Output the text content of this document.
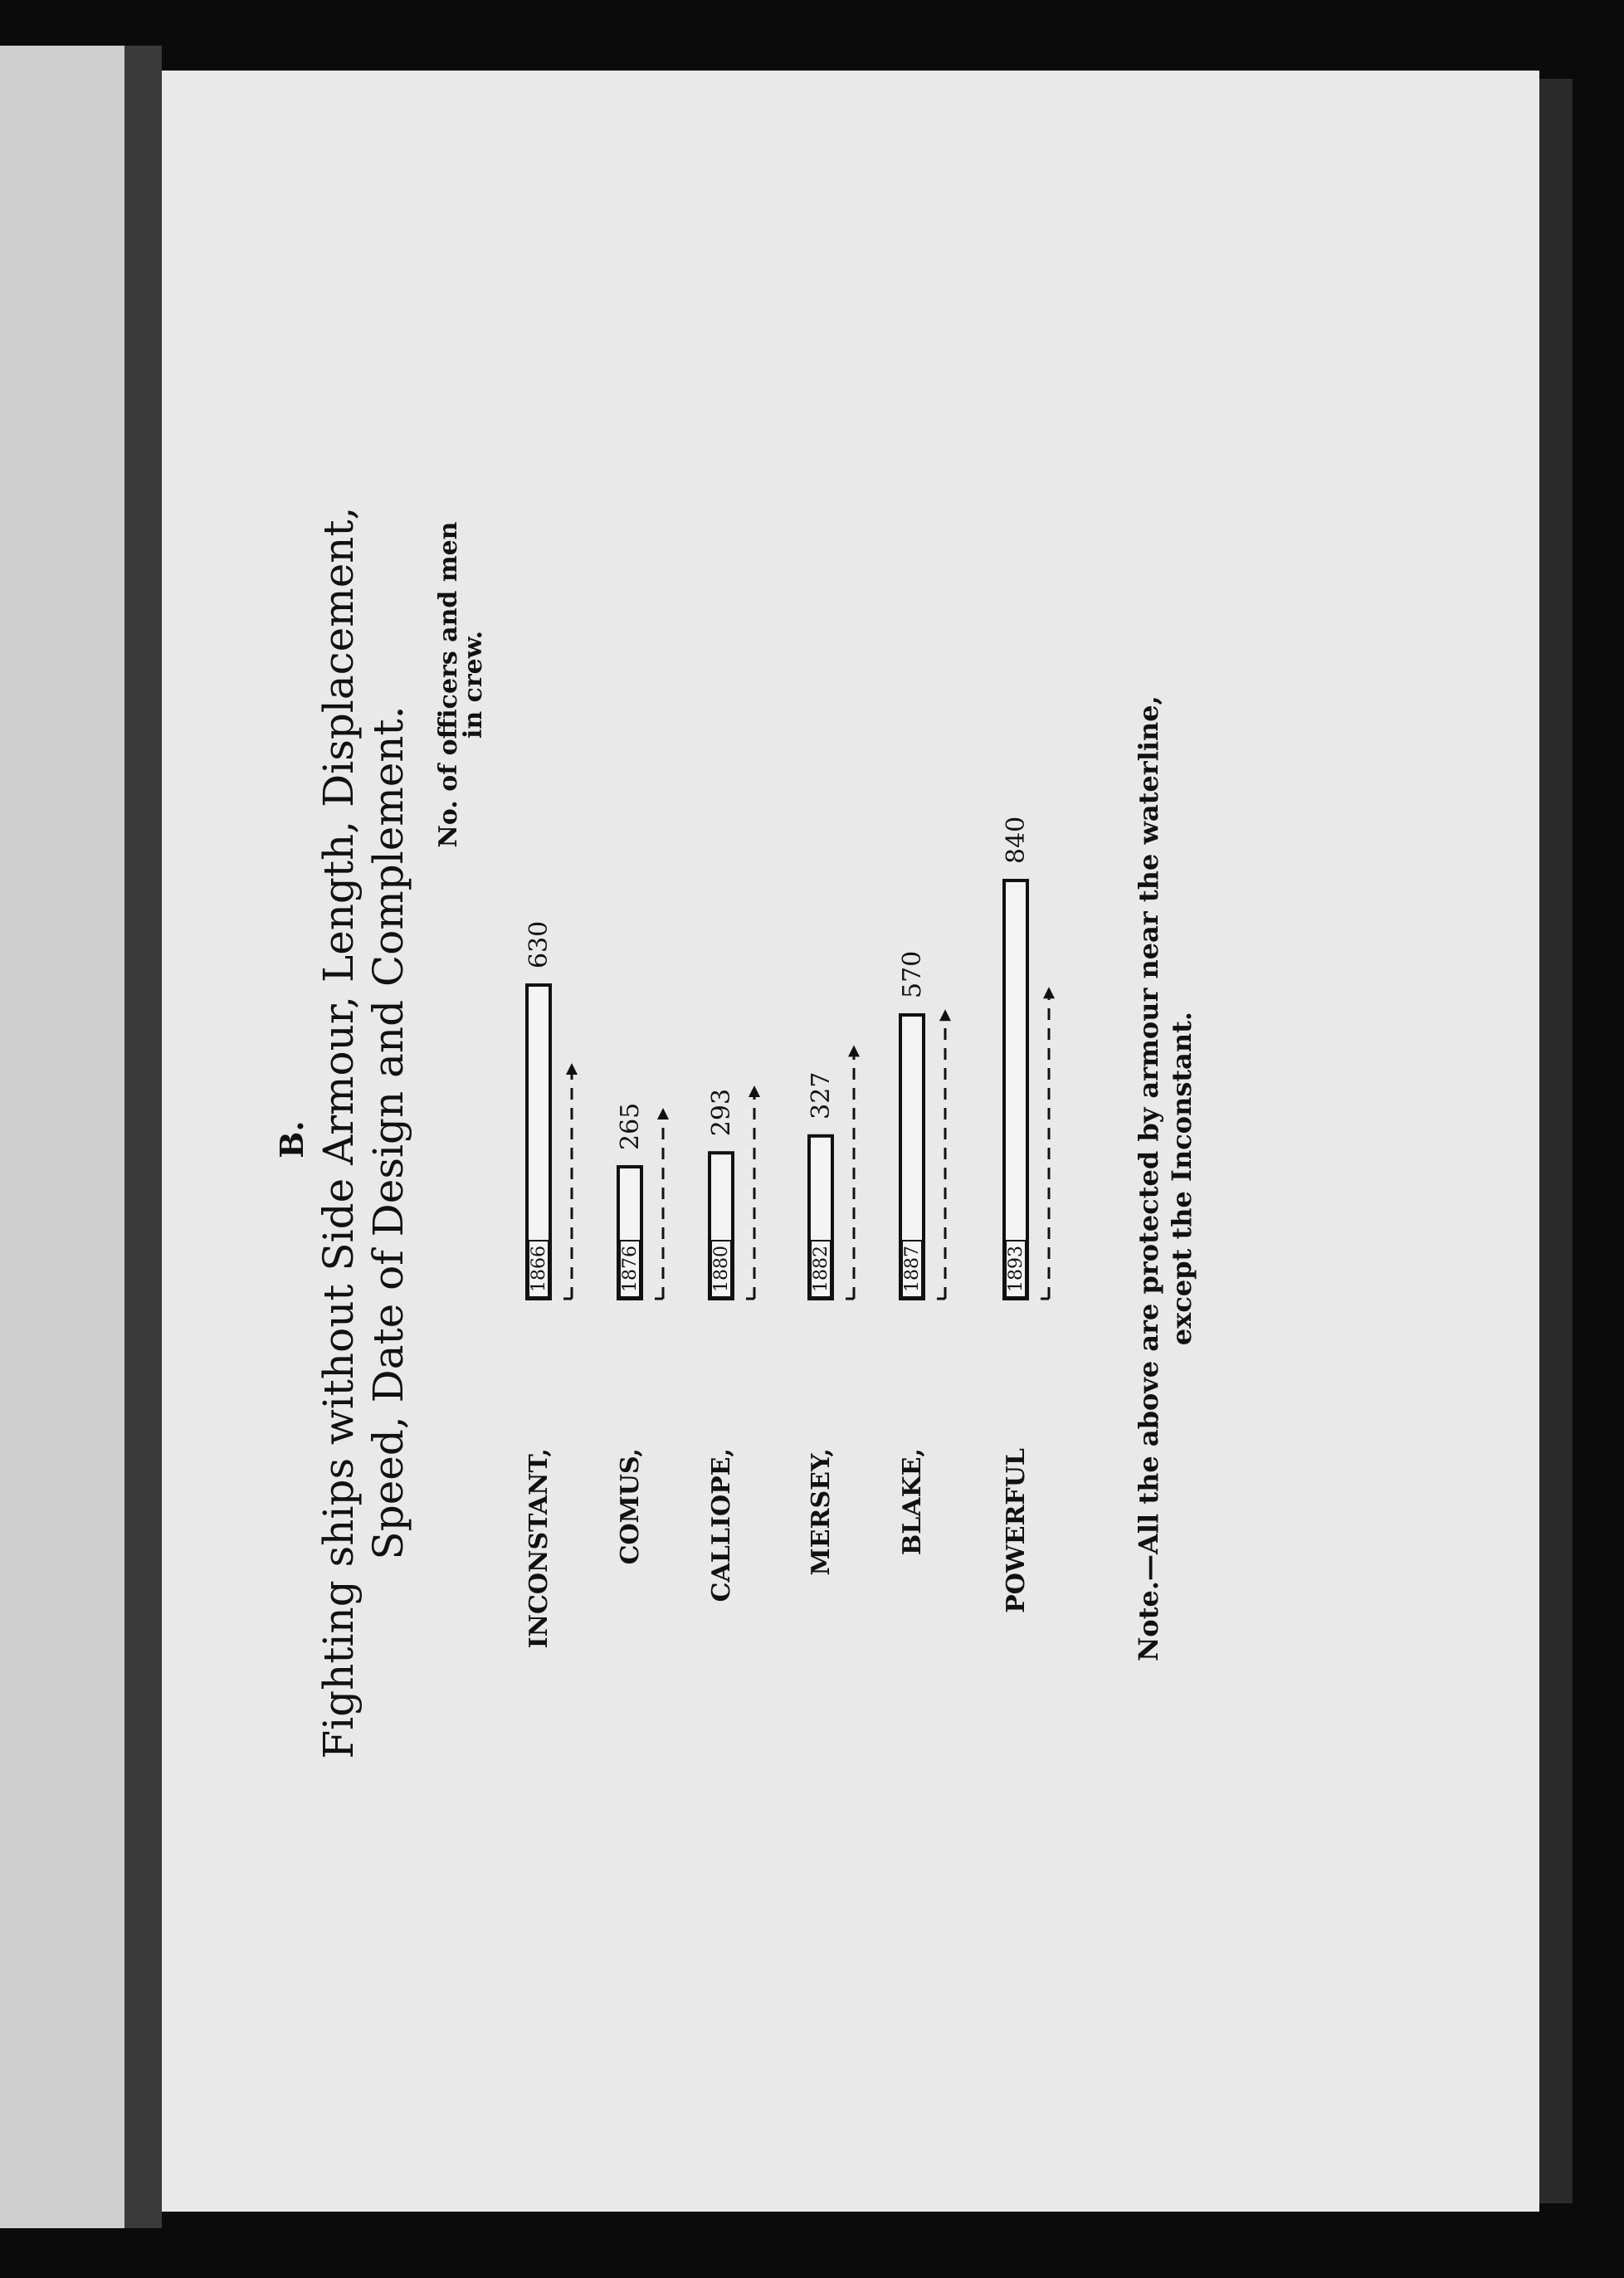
B. Fighting ships without Side Armour, Length, Displacement, Speed, Date of Design and Complement.
No. of officers and men
in crew.
INCONSTANT,
1866
630
COMUS,
1876
265
CALLIOPE,
1880
293
MERSEY,
1882
327
BLAKE,
1887
570
POWERFUL
1893
840	Note.—All the above are protected by armour near the waterline, except the Inconstant.
